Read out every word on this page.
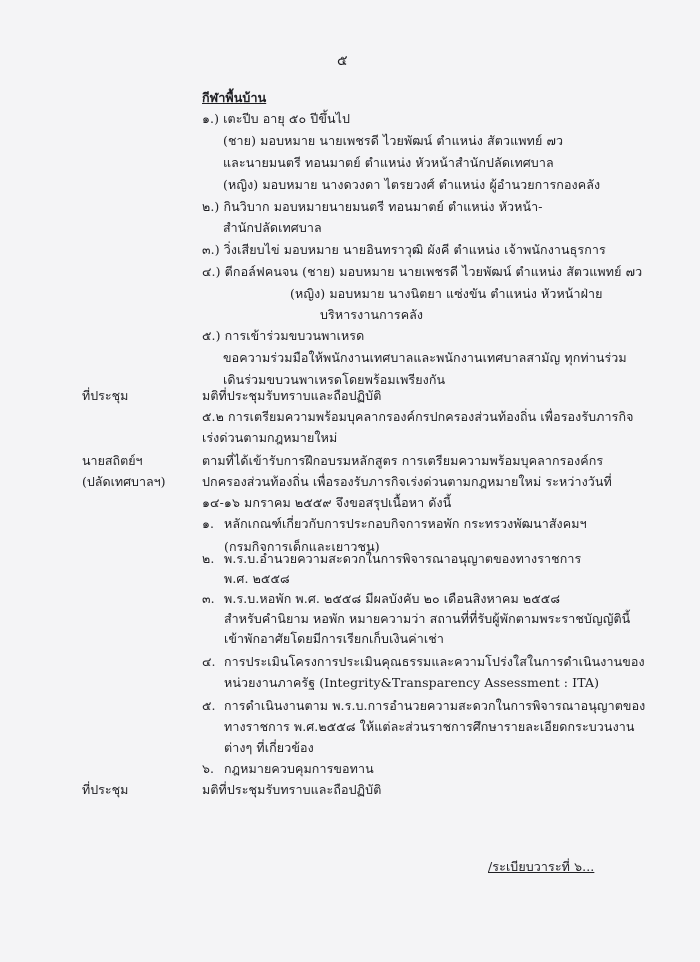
๕
กีฬาพื้นบ้าน
๑.) เตะปีบ อายุ ๕๐ ปีขึ้นไป
(ชาย) มอบหมาย นายเพชรดี ไวยพัฒน์ ตำแหน่ง สัตวแพทย์ ๗ว
และนายมนตรี ทอนมาตย์ ตำแหน่ง หัวหน้าสำนักปลัดเทศบาล
(หญิง) มอบหมาย นางดวงดา ไตรยวงศ์ ตำแหน่ง ผู้อำนวยการกองคลัง
๒.) กินวิบาก มอบหมายนายมนตรี ทอนมาตย์ ตำแหน่ง หัวหน้า-
สำนักปลัดเทศบาล
๓.) วิ่งเสียบไข่ มอบหมาย นายอินทราวุฒิ ผังคี ตำแหน่ง เจ้าพนักงานธุรการ
๔.) ตีกอล์ฟคนจน (ชาย) มอบหมาย นายเพชรดี ไวยพัฒน์ ตำแหน่ง สัตวแพทย์ ๗ว
(หญิง) มอบหมาย นางนิตยา แซ่งขัน ตำแหน่ง หัวหน้าฝ่าย
บริหารงานการคลัง
๕.) การเข้าร่วมขบวนพาเหรด
ขอความร่วมมือให้พนักงานเทศบาลและพนักงานเทศบาลสามัญ ทุกท่านร่วม
เดินร่วมขบวนพาเหรดโดยพร้อมเพรียงกัน
ที่ประชุม	มติที่ประชุมรับทราบและถือปฏิบัติ
๕.๒ การเตรียมความพร้อมบุคลากรองค์กรปกครองส่วนท้องถิ่น เพื่อรองรับภารกิจ
เร่งด่วนตามกฎหมายใหม่
นายสถิตย์ฯ
(ปลัดเทศบาลฯ)
ตามที่ได้เข้ารับการฝึกอบรมหลักสูตร การเตรียมความพร้อมบุคลากรองค์กร
ปกครองส่วนท้องถิ่น เพื่อรองรับภารกิจเร่งด่วนตามกฎหมายใหม่ ระหว่างวันที่
๑๔-๑๖ มกราคม ๒๕๕๙ จึงขอสรุปเนื้อหา ดังนี้
๑. หลักเกณฑ์เกี่ยวกับการประกอบกิจการหอพัก กระทรวงพัฒนาสังคมฯ
(กรมกิจการเด็กและเยาวชน)
๒. พ.ร.บ.อำนวยความสะดวกในการพิจารณาอนุญาตของทางราชการ
พ.ศ. ๒๕๕๘
๓. พ.ร.บ.หอพัก พ.ศ. ๒๕๕๘ มีผลบังคับ ๒๐ เดือนสิงหาคม ๒๕๕๘
สำหรับคำนิยาม หอพัก หมายความว่า สถานที่ที่รับผู้พักตามพระราชบัญญัตินี้
เข้าพักอาศัยโดยมีการเรียกเก็บเงินค่าเช่า
๔. การประเมินโครงการประเมินคุณธรรมและความโปร่งใสในการดำเนินงานของ
หน่วยงานภาครัฐ (Integrity&Transparency Assessment : ITA)
๕. การดำเนินงานตาม พ.ร.บ.การอำนวยความสะดวกในการพิจารณาอนุญาตของ
ทางราชการ พ.ศ.๒๕๕๘ ให้แต่ละส่วนราชการศึกษารายละเอียดกระบวนงาน
ต่างๆ ที่เกี่ยวข้อง
๖. กฎหมายควบคุมการขอทาน
ที่ประชุม	มติที่ประชุมรับทราบและถือปฏิบัติ
/ระเบียบวาระที่ ๖...
